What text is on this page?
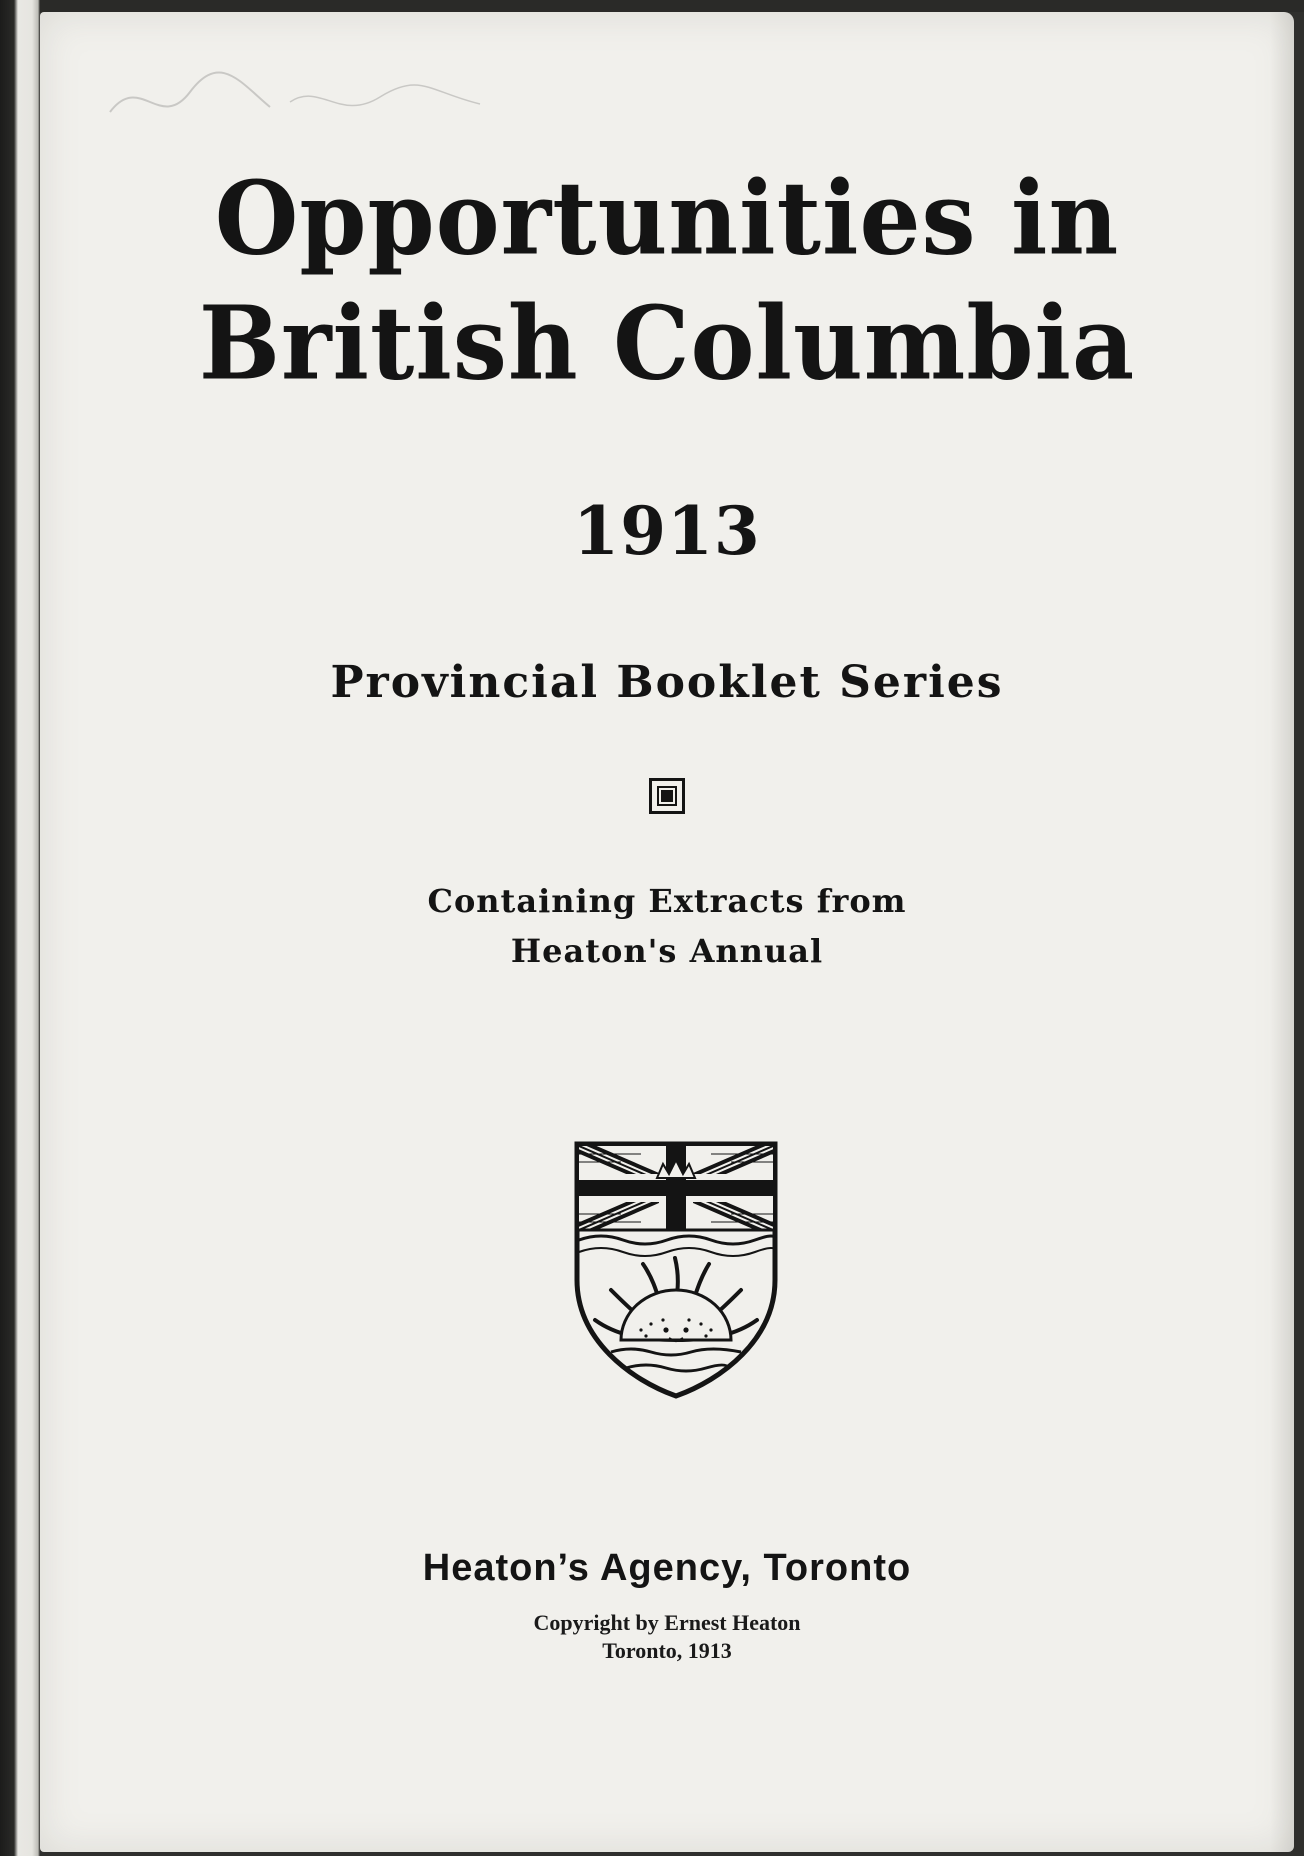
Opportunities in
British Columbia
1913
Provincial Booklet Series
Containing Extracts from
Heaton's Annual
Heaton’s Agency, Toronto
Copyright by Ernest Heaton
Toronto, 1913
